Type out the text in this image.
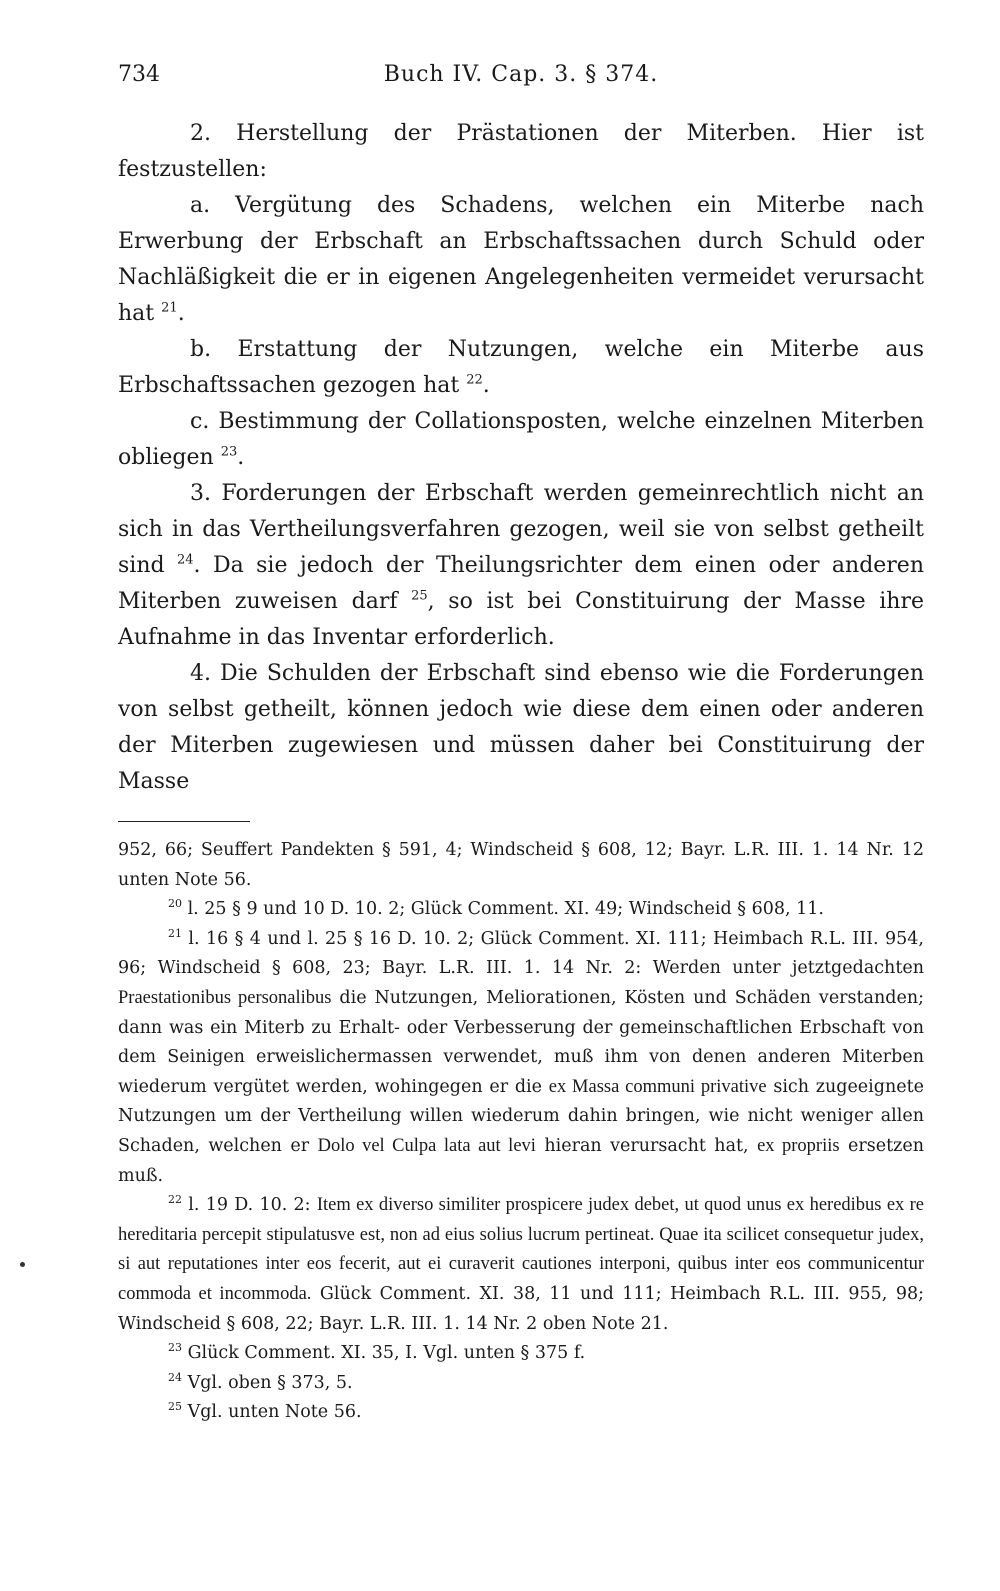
734	Buch IV. Cap. 3. § 374.

2. Herstellung der Prästationen der Miterben. Hier ist festzustellen:

a. Vergütung des Schadens, welchen ein Miterbe nach Erwerbung der Erbschaft an Erbschaftssachen durch Schuld oder Nachläßigkeit die er in eigenen Angelegenheiten vermeidet verursacht hat $^{21}$.

b. Erstattung der Nutzungen, welche ein Miterbe aus Erbschaftssachen gezogen hat $^{22}$.

c. Bestimmung der Collationsposten, welche einzelnen Miterben obliegen $^{23}$.

3. Forderungen der Erbschaft werden gemeinrechtlich nicht an sich in das Vertheilungsverfahren gezogen, weil sie von selbst getheilt sind $^{24}$. Da sie jedoch der Theilungsrichter dem einen oder anderen Miterben zuweisen darf $^{25}$, so ist bei Constituirung der Masse ihre Aufnahme in das Inventar erforderlich.

4. Die Schulden der Erbschaft sind ebenso wie die Forderungen von selbst getheilt, können jedoch wie diese dem einen oder anderen der Miterben zugewiesen und müssen daher bei Constituirung der Masse

952, 66; Seuffert Pandekten § 591, 4; Windscheid § 608, 12; Bayr. L.R. III. 1. 14 Nr. 12 unten Note 56.

$^{20}$ l. 25 § 9 und 10 D. 10. 2; Glück Comment. XI. 49; Windscheid § 608, 11.

$^{21}$ l. 16 § 4 und l. 25 § 16 D. 10. 2; Glück Comment. XI. 111; Heimbach R.L. III. 954, 96; Windscheid § 608, 23; Bayr. L.R. III. 1. 14 Nr. 2: Werden unter jetztgedachten Praestationibus personalibus die Nutzungen, Meliorationen, Kösten und Schäden verstanden; dann was ein Miterb zu Erhalt- oder Verbesserung der gemeinschaftlichen Erbschaft von dem Seinigen erweislichermassen verwendet, muß ihm von denen anderen Miterben wiederum vergütet werden, wohingegen er die ex Massa communi privative sich zugeeignete Nutzungen um der Vertheilung willen wiederum dahin bringen, wie nicht weniger allen Schaden, welchen er Dolo vel Culpa lata aut levi hieran verursacht hat, ex propriis ersetzen muß.

$^{22}$ l. 19 D. 10. 2: Item ex diverso similiter prospicere judex debet, ut quod unus ex heredibus ex re hereditaria percepit stipulatusve est, non ad eius solius lucrum pertineat. Quae ita scilicet consequetur judex, si aut reputationes inter eos fecerit, aut ei curaverit cautiones interponi, quibus inter eos communicentur commoda et incommoda. Glück Comment. XI. 38, 11 und 111; Heimbach R.L. III. 955, 98; Windscheid § 608, 22; Bayr. L.R. III. 1. 14 Nr. 2 oben Note 21.

$^{23}$ Glück Comment. XI. 35, I. Vgl. unten § 375 f.

$^{24}$ Vgl. oben § 373, 5.

$^{25}$ Vgl. unten Note 56.
